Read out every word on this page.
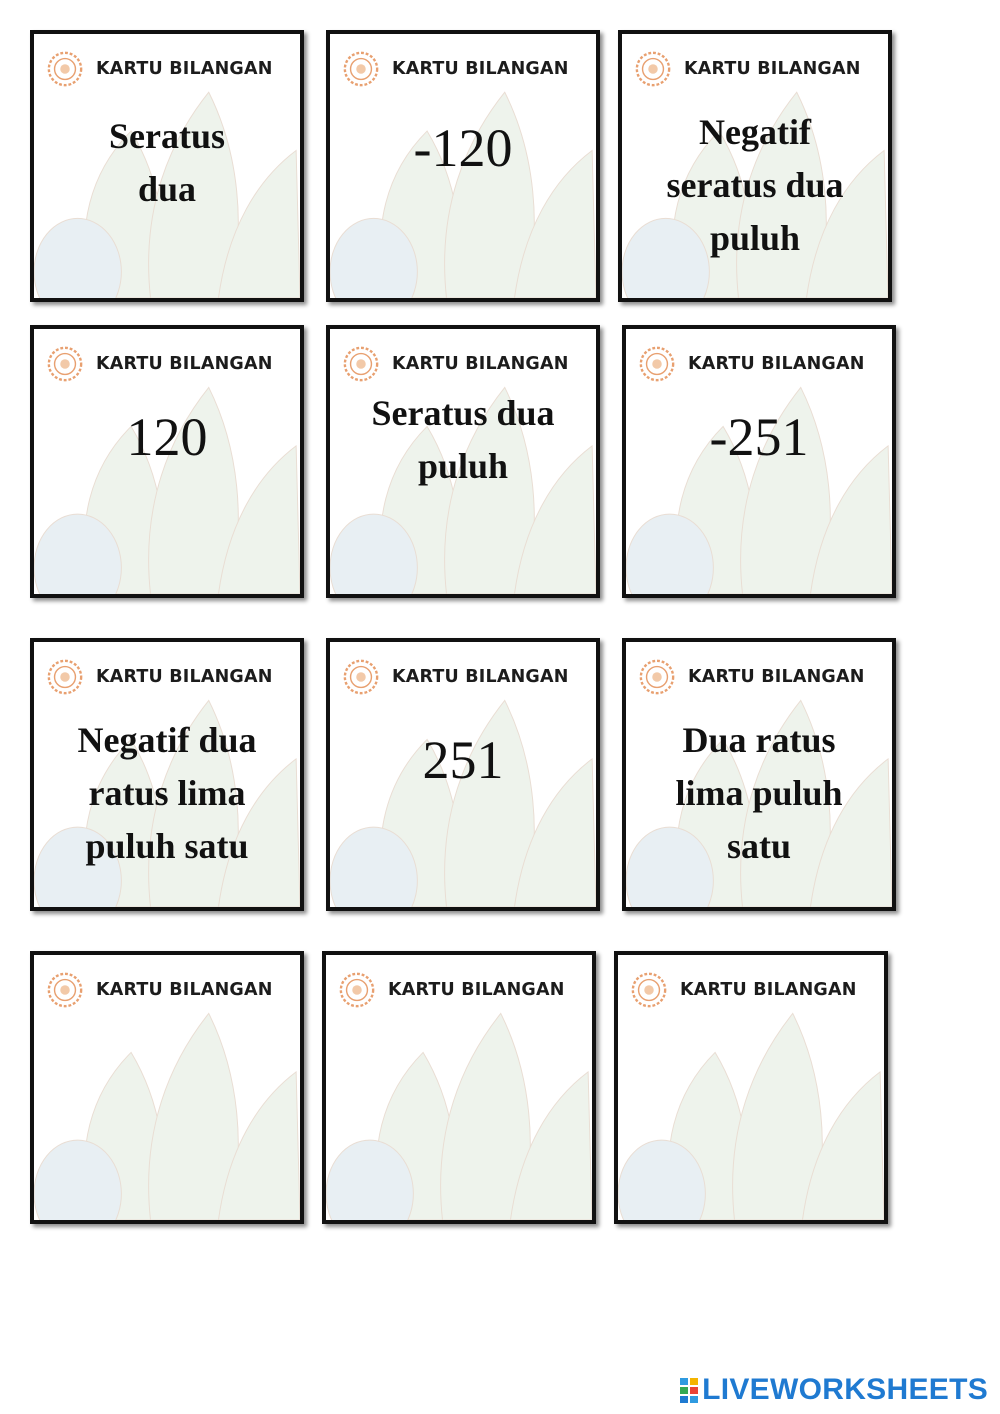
KARTU BILANGAN
Seratus dua
KARTU BILANGAN
-120
KARTU BILANGAN
Negatif seratus dua puluh
KARTU BILANGAN
120
KARTU BILANGAN
Seratus dua puluh
KARTU BILANGAN
-251
KARTU BILANGAN
Negatif dua ratus lima puluh satu
KARTU BILANGAN
251
KARTU BILANGAN
Dua ratus lima puluh satu
KARTU BILANGAN	KARTU BILANGAN	KARTU BILANGAN
LIVEWORKSHEETS
